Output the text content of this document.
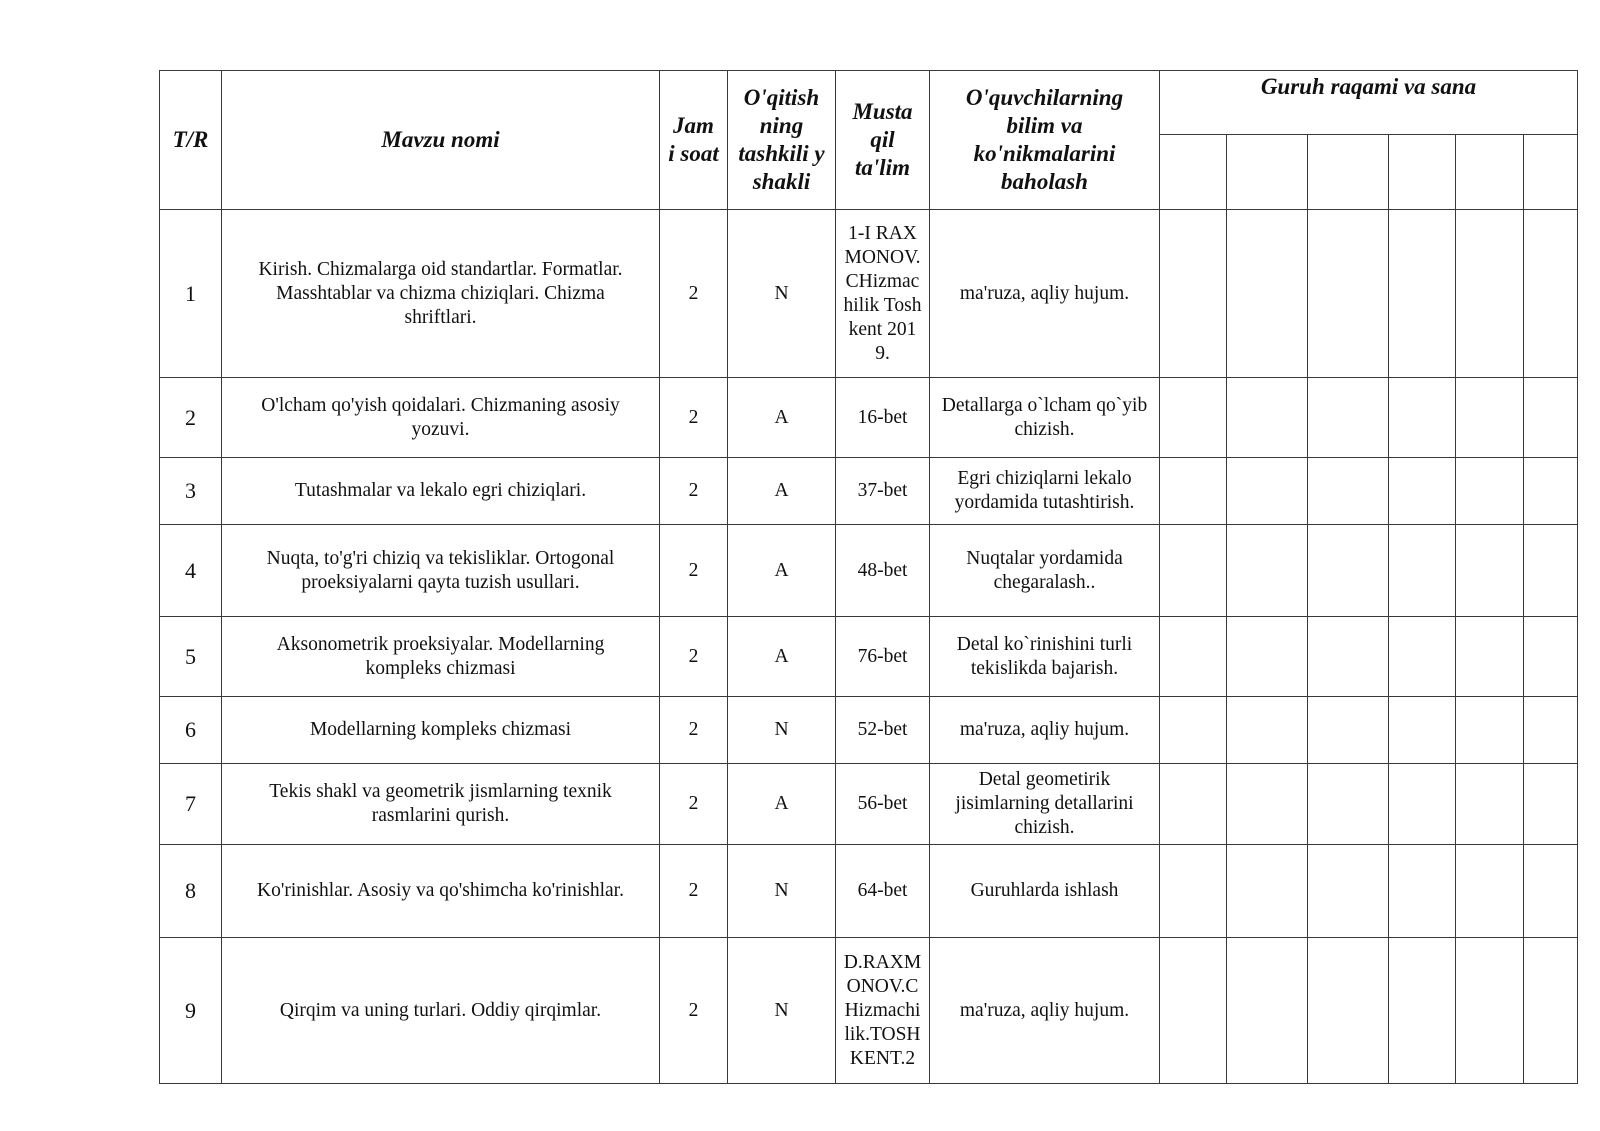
T/R	Mavzu nomi	Jam i soat	O'qitish ning tashkili y shakli	Musta qil ta'lim	O'quvchilarning bilim va ko'nikmalarini baholash	Guruh raqami va sana					

1	Kirish. Chizmalarga oid standartlar. Formatlar. Masshtablar va chizma chiziqlari. Chizma shriftlari.	2	N	1-I RAXMONOV. CHizmachilik Toshkent 2019.	ma'ruza, aqliy hujum.						
2	O'lcham qo'yish qoidalari. Chizmaning asosiy yozuvi.	2	A	16-bet	Detallarga o`lcham qo`yib chizish.						
3	Tutashmalar va lekalo egri chiziqlari.	2	A	37-bet	Egri chiziqlarni lekalo yordamida tutashtirish.						
4	Nuqta, to'g'ri chiziq va tekisliklar. Ortogonal proeksiyalarni qayta tuzish usullari.	2	A	48-bet	Nuqtalar yordamida chegaralash..						
5	Aksonometrik proeksiyalar. Modellarning kompleks chizmasi	2	A	76-bet	Detal ko`rinishini turli tekislikda bajarish.						
6	Modellarning kompleks chizmasi	2	N	52-bet	ma'ruza, aqliy hujum.						
7	Tekis shakl va geometrik jismlarning texnik rasmlarini qurish.	2	A	56-bet	Detal geometirik jisimlarning detallarini chizish.						
8	Ko'rinishlar. Asosiy va qo'shimcha ko'rinishlar.	2	N	64-bet	Guruhlarda ishlash						
9	Qirqim va uning turlari. Oddiy qirqimlar.	2	N	D.RAXMONOV.CHizmachilik.TOSHKENT.2	ma'ruza, aqliy hujum.						
